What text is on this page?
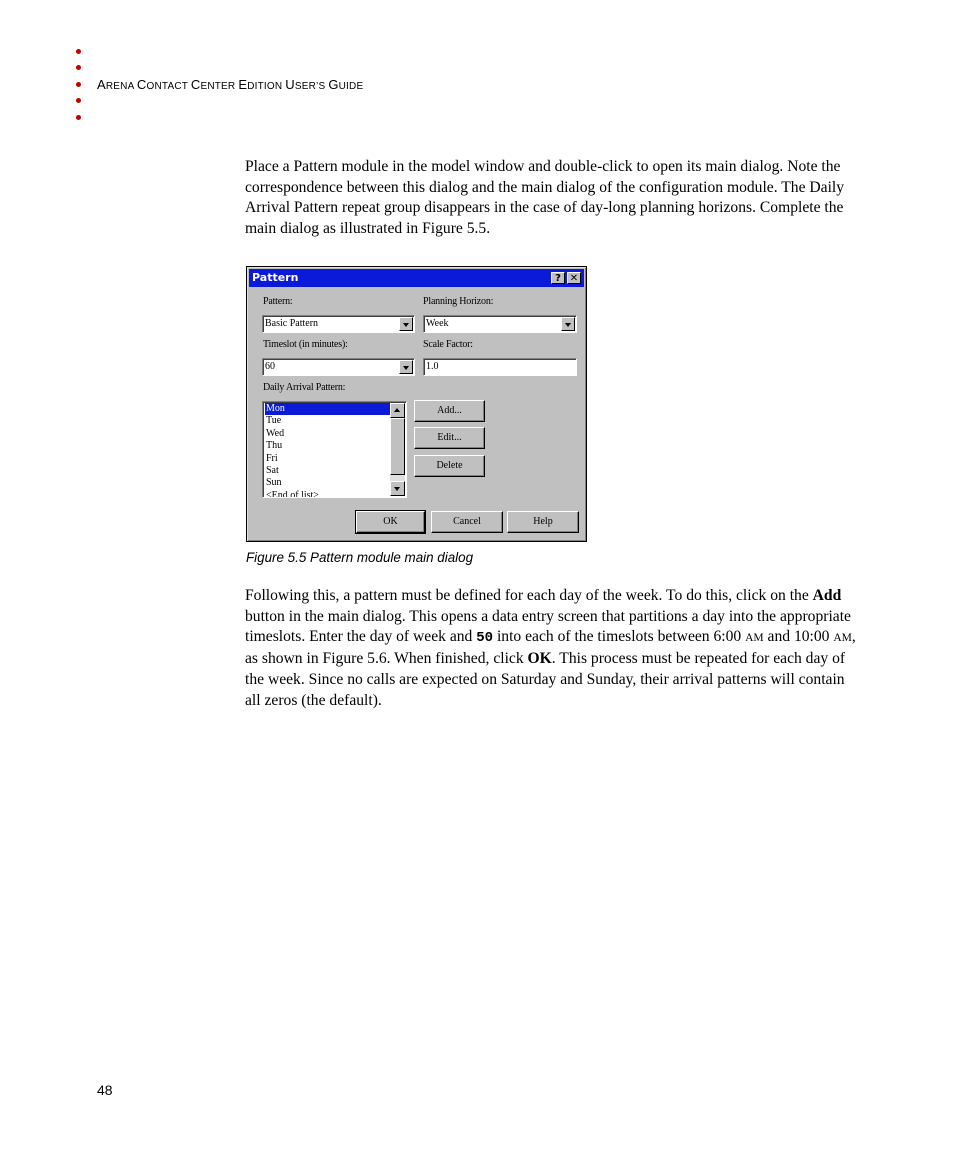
ARENA CONTACT CENTER EDITION USER’S GUIDE
Place a Pattern module in the model window and double-click to open its main dialog. Note the correspondence between this dialog and the main dialog of the configuration module. The Daily Arrival Pattern repeat group disappears in the case of day-long planning horizons. Complete the main dialog as illustrated in Figure 5.5.
Pattern	? ✕
Pattern:
Basic Pattern
Planning Horizon:
Week
Timeslot (in minutes):
60
Scale Factor:
1.0
Daily Arrival Pattern:
Mon
Tue
Wed
Thu
Fri
Sat
Sun
<End of list>
Add...
Edit...
Delete
OK	Cancel	Help
Figure 5.5 Pattern module main dialog
Following this, a pattern must be defined for each day of the week. To do this, click on the Add button in the main dialog. This opens a data entry screen that partitions a day into the appropriate timeslots. Enter the day of week and 50 into each of the timeslots between 6:00 AM and 10:00 AM, as shown in Figure 5.6. When finished, click OK. This process must be repeated for each day of the week. Since no calls are expected on Saturday and Sunday, their arrival patterns will contain all zeros (the default).
48
